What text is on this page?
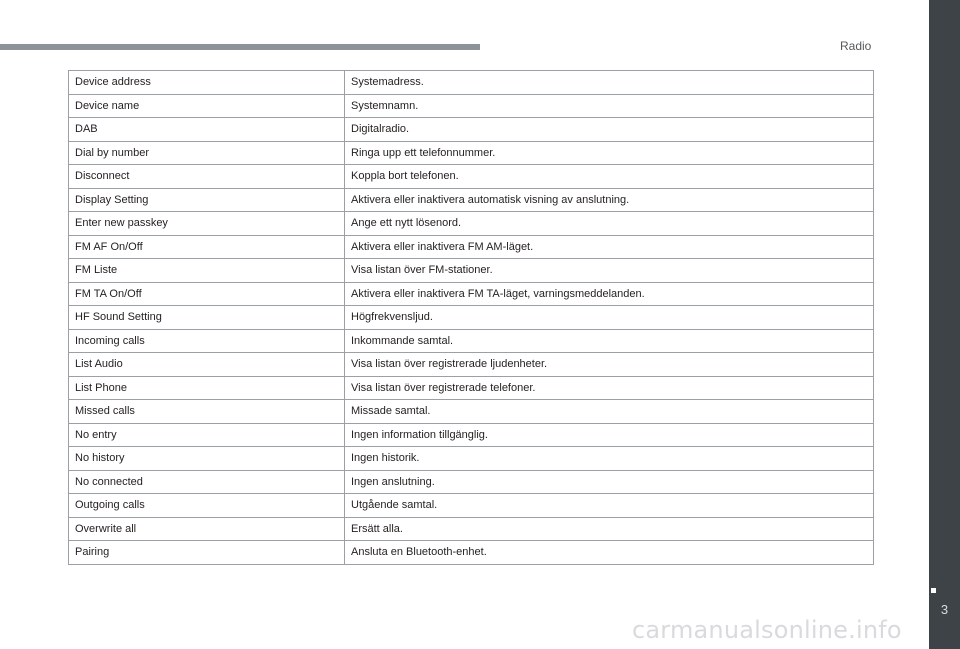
Radio
Device address	Systemadress.
Device name	Systemnamn.
DAB	Digitalradio.
Dial by number	Ringa upp ett telefonnummer.
Disconnect	Koppla bort telefonen.
Display Setting	Aktivera eller inaktivera automatisk visning av anslutning.
Enter new passkey	Ange ett nytt lösenord.
FM AF On/Off	Aktivera eller inaktivera FM AM-läget.
FM Liste	Visa listan över FM-stationer.
FM TA On/Off	Aktivera eller inaktivera FM TA-läget, varningsmeddelanden.
HF Sound Setting	Högfrekvensljud.
Incoming calls	Inkommande samtal.
List Audio	Visa listan över registrerade ljudenheter.
List Phone	Visa listan över registrerade telefoner.
Missed calls	Missade samtal.
No entry	Ingen information tillgänglig.
No history	Ingen historik.
No connected	Ingen anslutning.
Outgoing calls	Utgående samtal.
Overwrite all	Ersätt alla.
Pairing	Ansluta en Bluetooth-enhet.
3
carmanualsonline.info
